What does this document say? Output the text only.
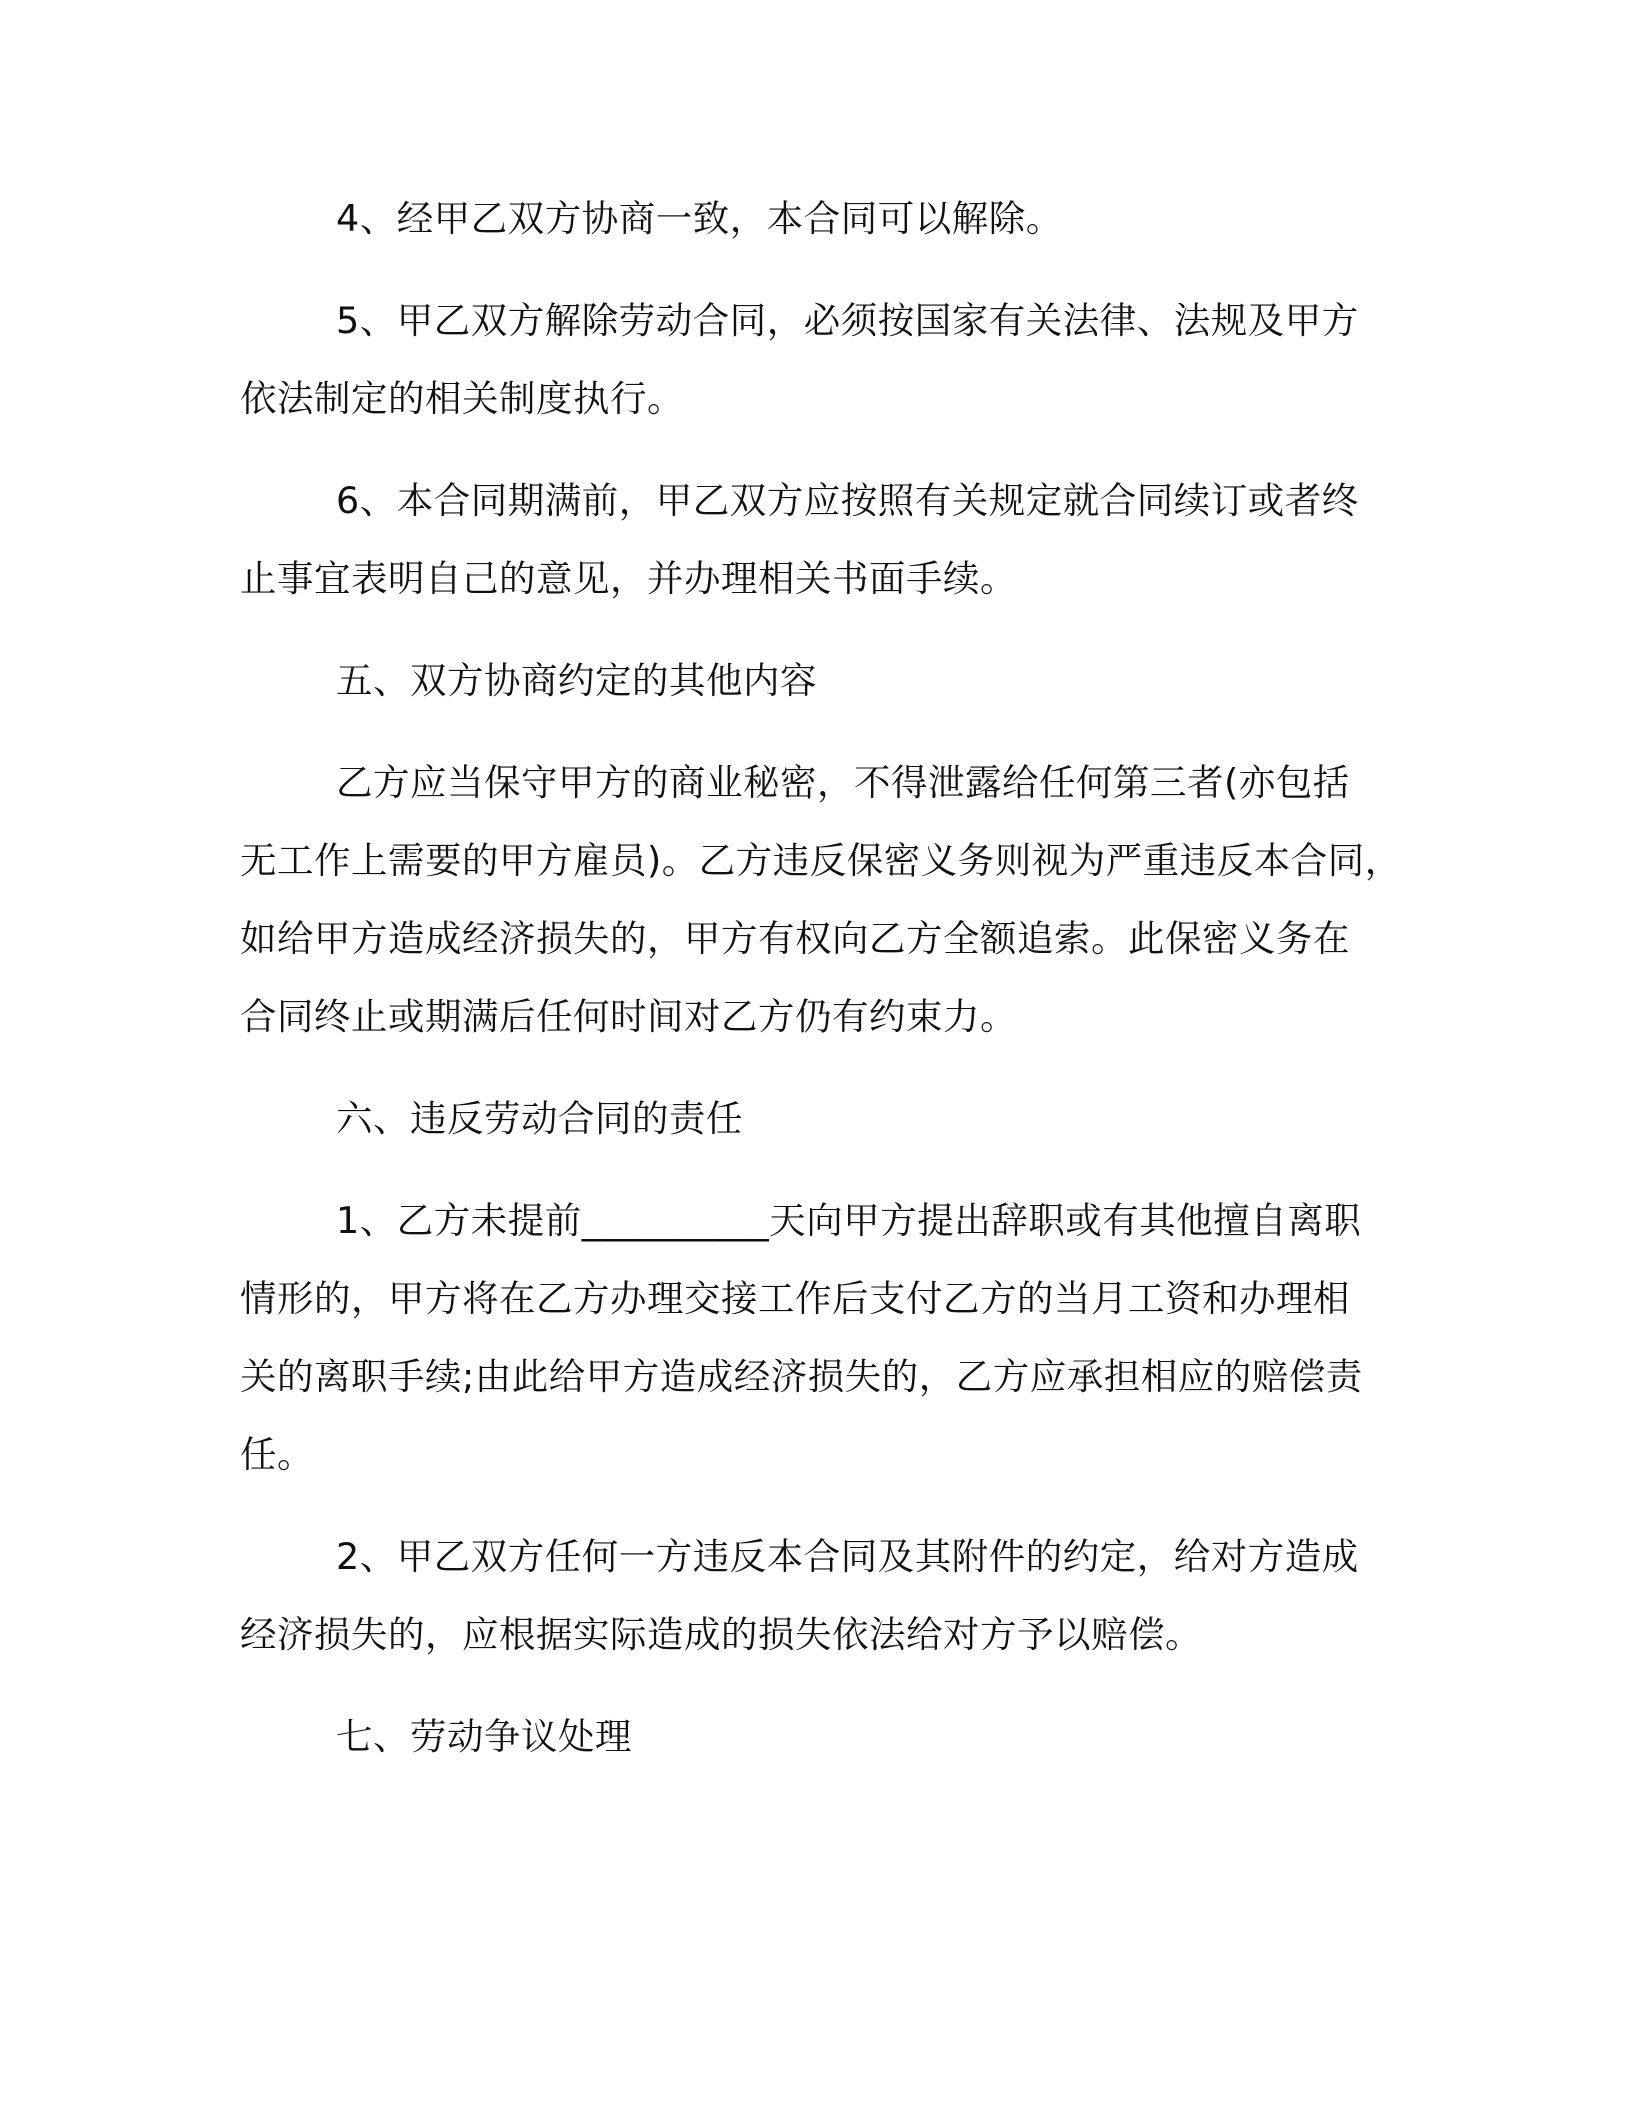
4、经甲乙双方协商一致，本合同可以解除。

5、甲乙双方解除劳动合同，必须按国家有关法律、法规及甲方
依法制定的相关制度执行。

6、本合同期满前，甲乙双方应按照有关规定就合同续订或者终
止事宜表明自己的意见，并办理相关书面手续。

五、双方协商约定的其他内容

乙方应当保守甲方的商业秘密，不得泄露给任何第三者(亦包括
无工作上需要的甲方雇员)。乙方违反保密义务则视为严重违反本合同，
如给甲方造成经济损失的，甲方有权向乙方全额追索。此保密义务在
合同终止或期满后任何时间对乙方仍有约束力。

六、违反劳动合同的责任

1、乙方未提前__________天向甲方提出辞职或有其他擅自离职
情形的，甲方将在乙方办理交接工作后支付乙方的当月工资和办理相
关的离职手续;由此给甲方造成经济损失的，乙方应承担相应的赔偿责
任。

2、甲乙双方任何一方违反本合同及其附件的约定，给对方造成
经济损失的，应根据实际造成的损失依法给对方予以赔偿。

七、劳动争议处理
